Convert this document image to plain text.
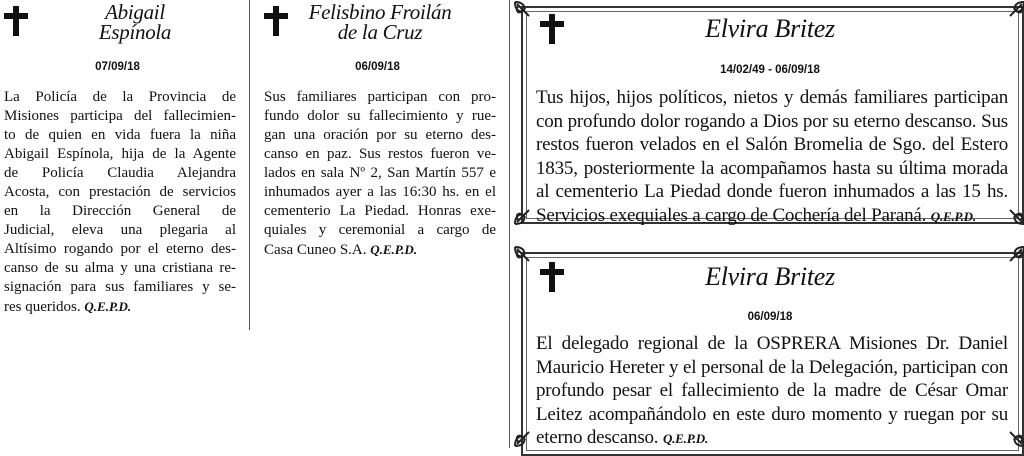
Abigail
Espínola
07/09/18
La Policía de la Provincia de
Misiones participa del fallecimien-
to de quien en vida fuera la niña
Abigail Espínola, hija de la Agente
de Policía Claudia Alejandra
Acosta, con prestación de servicios
en la Dirección General de
Judicial, eleva una plegaria al
Altísimo rogando por el eterno des-
canso de su alma y una cristiana re-
signación para sus familiares y se-
res queridos. Q.E.P.D.
Felisbino Froilán
de la Cruz
06/09/18
Sus familiares participan con pro-
fundo dolor su fallecimiento y rue-
gan una oración por su eterno des-
canso en paz. Sus restos fueron ve-
lados en sala Nº 2, San Martín 557 e
inhumados ayer a las 16:30 hs. en el
cementerio La Piedad. Honras exe-
quiales y ceremonial a cargo de
Casa Cuneo S.A. Q.E.P.D.
Elvira Britez
14/02/49 - 06/09/18
Tus hijos, hijos políticos, nietos y demás familiares participan
con profundo dolor rogando a Dios por su eterno descanso. Sus
restos fueron velados en el Salón Bromelia de Sgo. del Estero
1835, posteriormente la acompañamos hasta su última morada
al cementerio La Piedad donde fueron inhumados a las 15 hs.
Servicios exequiales a cargo de Cochería del Paraná. Q.E.P.D.
Elvira Britez
06/09/18
El delegado regional de la OSPRERA Misiones Dr. Daniel
Mauricio Hereter y el personal de la Delegación, participan con
profundo pesar el fallecimiento de la madre de César Omar
Leitez acompañándolo en este duro momento y ruegan por su
eterno descanso. Q.E.P.D.
